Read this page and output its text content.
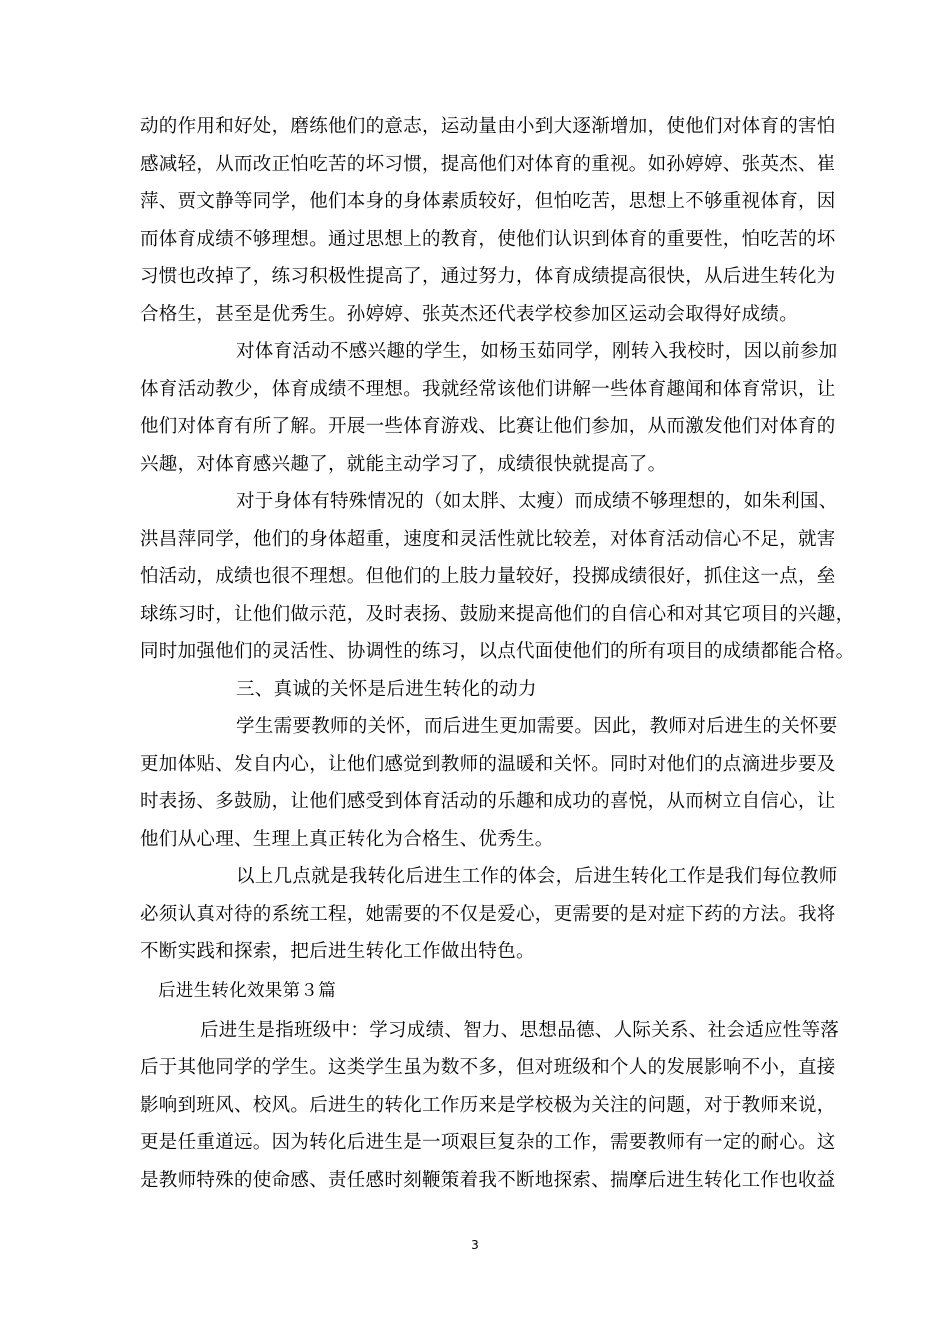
动的作用和好处，磨练他们的意志，运动量由小到大逐渐增加，使他们对体育的害怕
感减轻，从而改正怕吃苦的坏习惯，提高他们对体育的重视。如孙婷婷、张英杰、崔
萍、贾文静等同学，他们本身的身体素质较好，但怕吃苦，思想上不够重视体育，因
而体育成绩不够理想。通过思想上的教育，使他们认识到体育的重要性，怕吃苦的坏
习惯也改掉了，练习积极性提高了，通过努力，体育成绩提高很快，从后进生转化为
合格生，甚至是优秀生。孙婷婷、张英杰还代表学校参加区运动会取得好成绩。
对体育活动不感兴趣的学生，如杨玉茹同学，刚转入我校时，因以前参加
体育活动教少，体育成绩不理想。我就经常该他们讲解一些体育趣闻和体育常识，让
他们对体育有所了解。开展一些体育游戏、比赛让他们参加，从而激发他们对体育的
兴趣，对体育感兴趣了，就能主动学习了，成绩很快就提高了。
对于身体有特殊情况的（如太胖、太瘦）而成绩不够理想的，如朱利国、
洪昌萍同学，他们的身体超重，速度和灵活性就比较差，对体育活动信心不足，就害
怕活动，成绩也很不理想。但他们的上肢力量较好，投掷成绩很好，抓住这一点，垒
球练习时，让他们做示范，及时表扬、鼓励来提高他们的自信心和对其它项目的兴趣，
同时加强他们的灵活性、协调性的练习，以点代面使他们的所有项目的成绩都能合格。
三、真诚的关怀是后进生转化的动力
学生需要教师的关怀，而后进生更加需要。因此，教师对后进生的关怀要
更加体贴、发自内心，让他们感觉到教师的温暖和关怀。同时对他们的点滴进步要及
时表扬、多鼓励，让他们感受到体育活动的乐趣和成功的喜悦，从而树立自信心，让
他们从心理、生理上真正转化为合格生、优秀生。
以上几点就是我转化后进生工作的体会，后进生转化工作是我们每位教师
必须认真对待的系统工程，她需要的不仅是爱心，更需要的是对症下药的方法。我将
不断实践和探索，把后进生转化工作做出特色。
后进生转化效果第３篇
后进生是指班级中：学习成绩、智力、思想品德、人际关系、社会适应性等落
后于其他同学的学生。这类学生虽为数不多，但对班级和个人的发展影响不小，直接
影响到班风、校风。后进生的转化工作历来是学校极为关注的问题，对于教师来说，
更是任重道远。因为转化后进生是一项艰巨复杂的工作，需要教师有一定的耐心。这
是教师特殊的使命感、责任感时刻鞭策着我不断地探索、揣摩后进生转化工作也收益
3
